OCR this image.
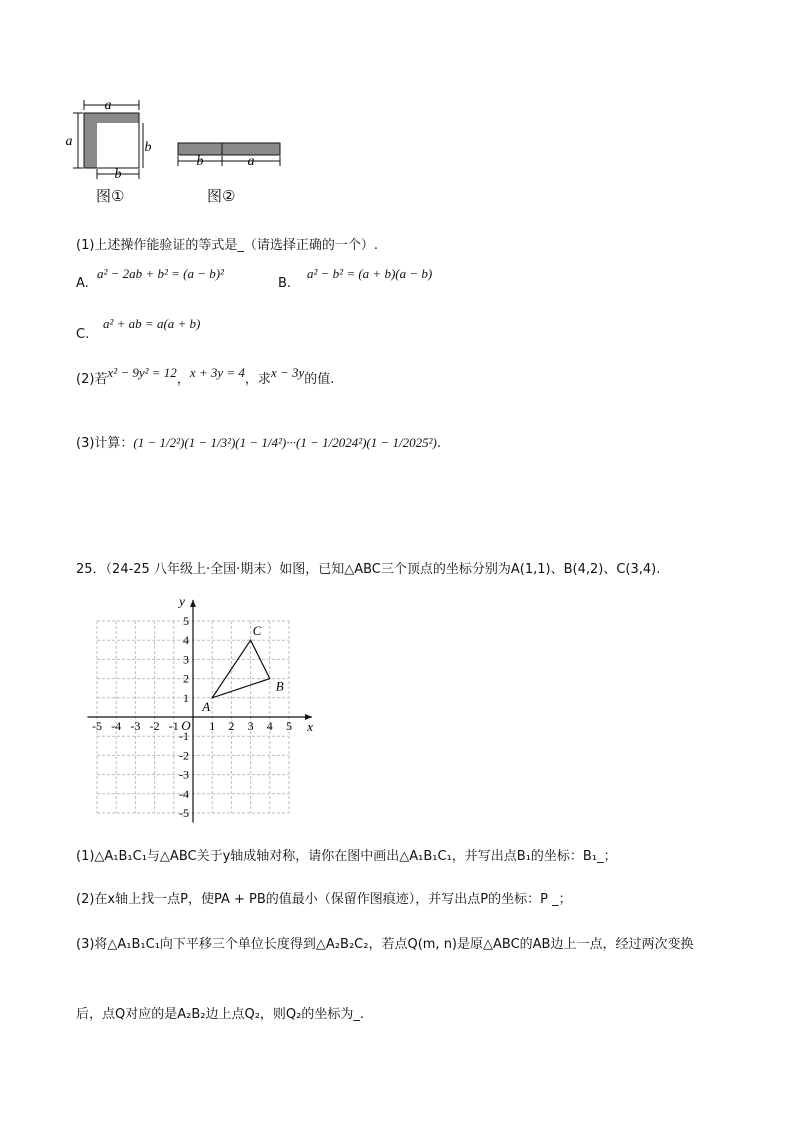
a
a	b
b
b	a
图①	图②
(1)上述操作能验证的等式是_（请选择正确的一个）.
A.
a² − 2ab + b² = (a − b)²
B.
a² − b² = (a + b)(a − b)
C.
a² + ab = a(a + b)
(2)若$^{x^2 - 9y^2 = 12}$，$^{x + 3y = 4}$，求$^{x - 3y}$的值.
(3)计算：(1 − 1/2²)(1 − 1/3²)(1 − 1/4²)···(1 − 1/2024²)(1 − 1/2025²).
25．（24-25 八年级上·全国·期末）如图，已知△ABC三个顶点的坐标分别为A(1,1)、B(4,2)、C(3,4).
x
y
O
-5 -4 -3 -2 -1	1 2 3 4 5
5
4
3
2
1
-1
-2
-3
-4
-5
A
B
C
(1)△A₁B₁C₁与△ABC关于y轴成轴对称，请你在图中画出△A₁B₁C₁，并写出点B₁的坐标：B₁_；
(2)在x轴上找一点P，使PA + PB的值最小（保留作图痕迹），并写出点P的坐标：P _；
(3)将△A₁B₁C₁向下平移三个单位长度得到△A₂B₂C₂，若点Q(m, n)是原△ABC的AB边上一点，经过两次变换
后，点Q对应的是A₂B₂边上点Q₂，则Q₂的坐标为_.
